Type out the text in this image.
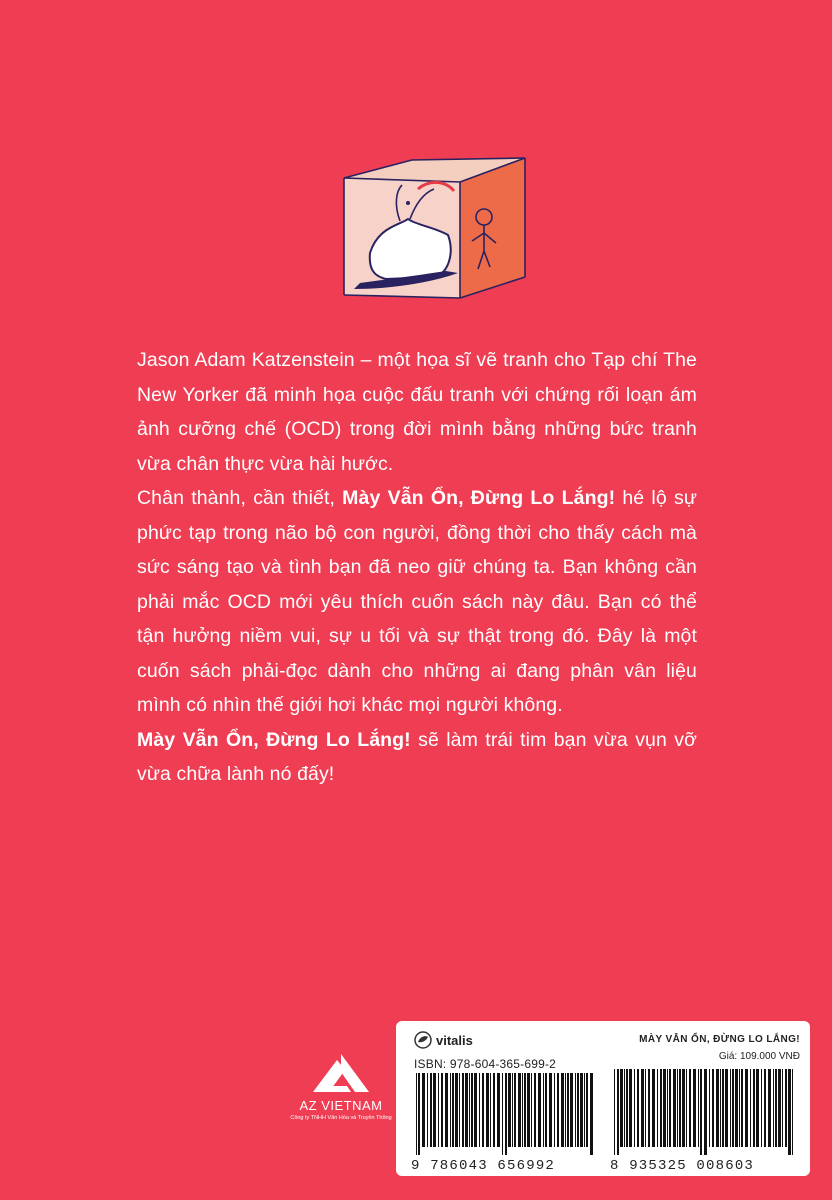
Jason Adam Katzenstein – một họa sĩ vẽ tranh cho Tạp chí The New Yorker đã minh họa cuộc đấu tranh với chứng rối loạn ám ảnh cưỡng chế (OCD) trong đời mình bằng những bức tranh vừa chân thực vừa hài hước.

Chân thành, cần thiết, Mày Vẫn Ổn, Đừng Lo Lắng! hé lộ sự phức tạp trong não bộ con người, đồng thời cho thấy cách mà sức sáng tạo và tình bạn đã neo giữ chúng ta. Bạn không cần phải mắc OCD mới yêu thích cuốn sách này đâu. Bạn có thể tận hưởng niềm vui, sự u tối và sự thật trong đó. Đây là một cuốn sách phải-đọc dành cho những ai đang phân vân liệu mình có nhìn thế giới hơi khác mọi người không.

Mày Vẫn Ổn, Đừng Lo Lắng! sẽ làm trái tim bạn vừa vụn vỡ vừa chữa lành nó đấy!

AZ VIETNAM
Công ty TNHH Văn Hóa và Truyền Thông
vitalis	MÀY VẪN ỔN, ĐỪNG LO LẮNG!
ISBN: 978-604-365-699-2
Giá: 109.000 VNĐ
9 786043 656992	8 935325 008603
